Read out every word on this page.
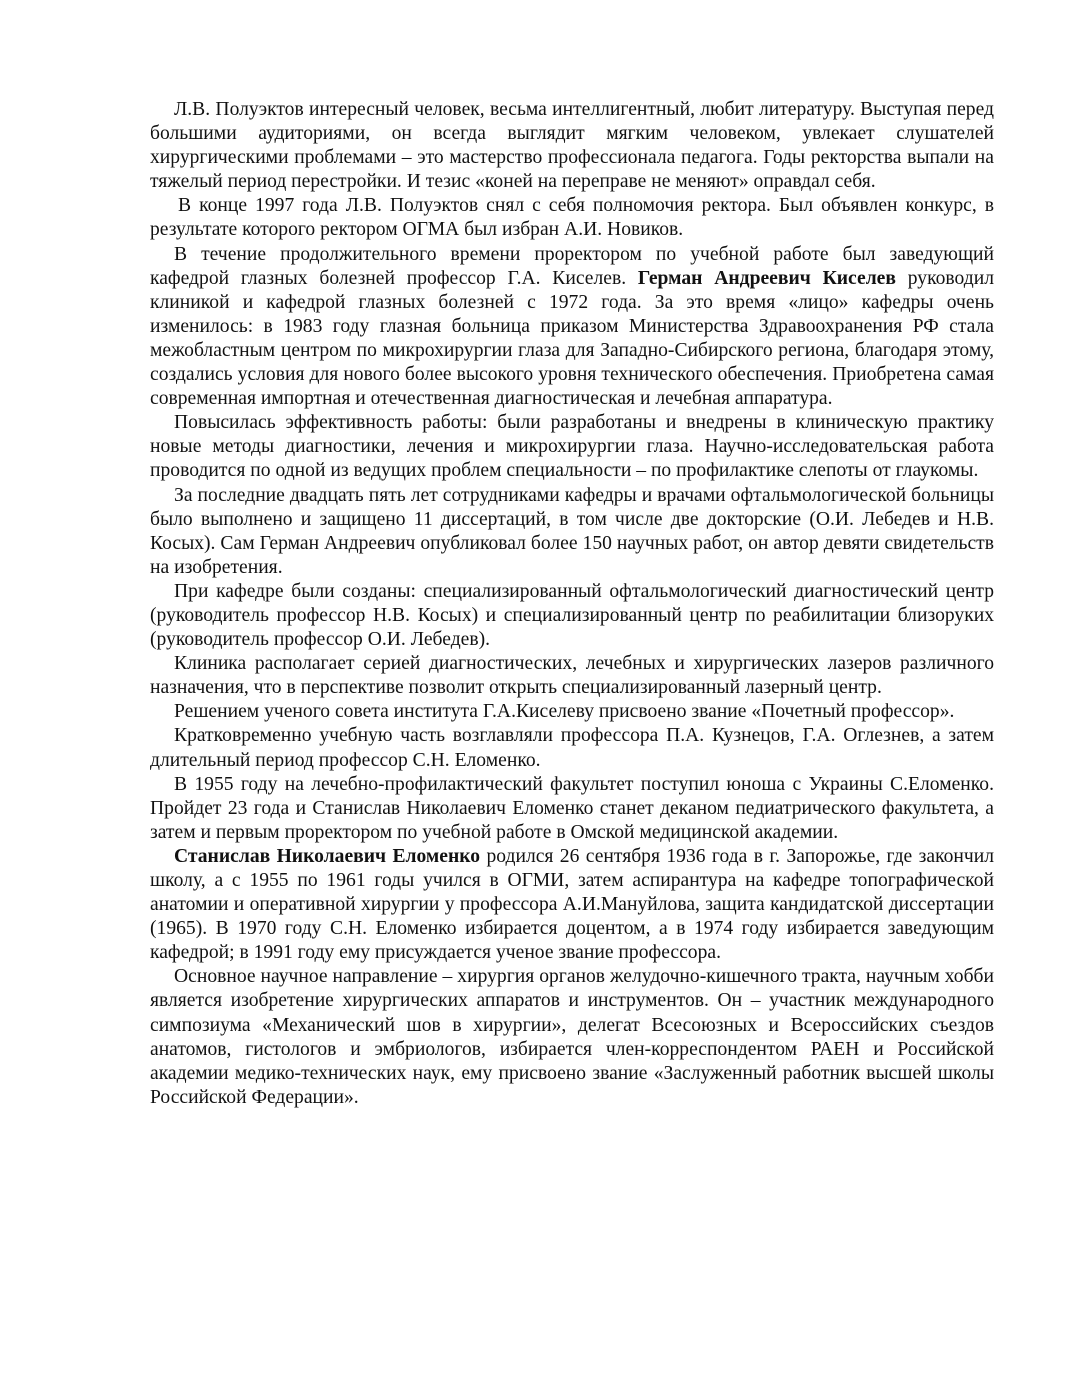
Л.В. Полуэктов интересный человек, весьма интеллигентный, любит литературу. Выступая перед большими аудиториями, он всегда выглядит мягким человеком, увлекает слушателей хирургическими проблемами – это мастерство профессионала педагога. Годы ректорства выпали на тяжелый период перестройки. И тезис «коней на переправе не меняют» оправдал себя.

В конце 1997 года Л.В. Полуэктов снял с себя полномочия ректора. Был объявлен конкурс, в результате которого ректором ОГМА был избран А.И. Новиков.

В течение продолжительного времени проректором по учебной работе был заведующий кафедрой глазных болезней профессор Г.А. Киселев. Герман Андреевич Киселев руководил клиникой и кафедрой глазных болезней с 1972 года. За это время «лицо» кафедры очень изменилось: в 1983 году глазная больница приказом Министерства Здравоохранения РФ стала межобластным центром по микрохирургии глаза для Западно-Сибирского региона, благодаря этому, создались условия для нового более высокого уровня технического обеспечения. Приобретена самая современная импортная и отечественная диагностическая и лечебная аппаратура.

Повысилась эффективность работы: были разработаны и внедрены в клиническую практику новые методы диагностики, лечения и микрохирургии глаза. Научно-исследовательская работа проводится по одной из ведущих проблем специальности – по профилактике слепоты от глаукомы.

За последние двадцать пять лет сотрудниками кафедры и врачами офтальмологической больницы было выполнено и защищено 11 диссертаций, в том числе две докторские (О.И. Лебедев и Н.В. Косых). Сам Герман Андреевич опубликовал более 150 научных работ, он автор девяти свидетельств на изобретения.

При кафедре были созданы: специализированный офтальмологический диагностический центр (руководитель профессор Н.В. Косых) и специализированный центр по реабилитации близоруких (руководитель профессор О.И. Лебедев).

Клиника располагает серией диагностических, лечебных и хирургических лазеров различного назначения, что в перспективе позволит открыть специализированный лазерный центр.

Решением ученого совета института Г.А.Киселеву присвоено звание «Почетный профессор».

Кратковременно учебную часть возглавляли профессора П.А. Кузнецов, Г.А. Оглезнев, а затем длительный период профессор С.Н. Еломенко.

В 1955 году на лечебно-профилактический факультет поступил юноша с Украины С.Еломенко. Пройдет 23 года и Станислав Николаевич Еломенко станет деканом педиатрического факультета, а затем и первым проректором по учебной работе в Омской медицинской академии.

Станислав Николаевич Еломенко родился 26 сентября 1936 года в г. Запорожье, где закончил школу, а с 1955 по 1961 годы учился в ОГМИ, затем аспирантура на кафедре топографической анатомии и оперативной хирургии у профессора А.И.Мануйлова, защита кандидатской диссертации (1965). В 1970 году С.Н. Еломенко избирается доцентом, а в 1974 году избирается заведующим кафедрой; в 1991 году ему присуждается ученое звание профессора.

Основное научное направление – хирургия органов желудочно-кишечного тракта, научным хобби является изобретение хирургических аппаратов и инструментов. Он – участник международного симпозиума «Механический шов в хирургии», делегат Всесоюзных и Всероссийских съездов анатомов, гистологов и эмбриологов, избирается член-корреспондентом РАЕН и Российской академии медико-технических наук, ему присвоено звание «Заслуженный работник высшей школы Российской Федерации».
